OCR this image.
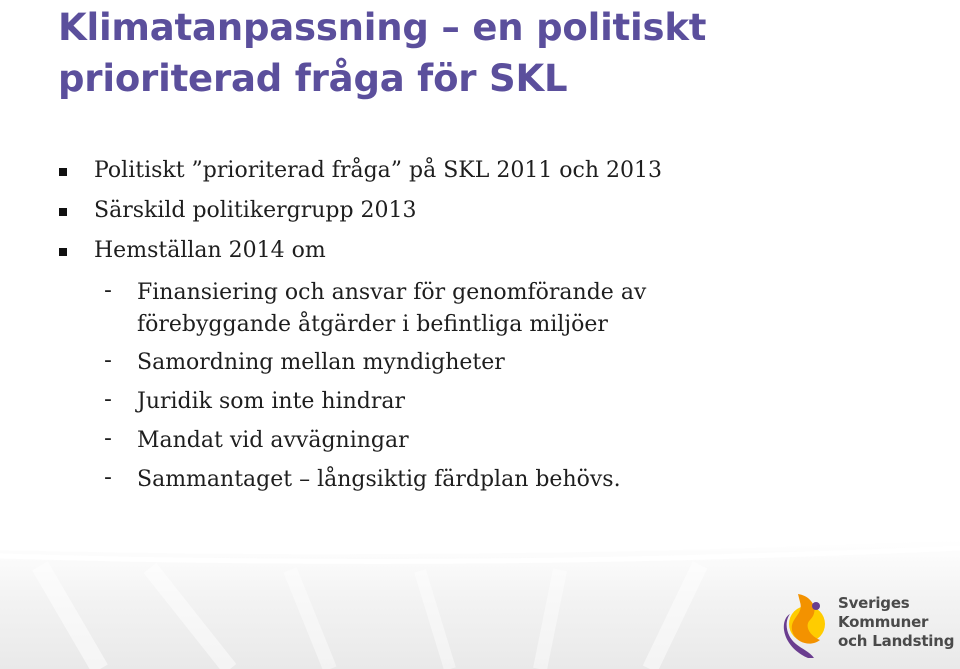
Klimatanpassning – en politiskt
prioriterad fråga för SKL
Politiskt ”prioriterad fråga” på SKL 2011 och 2013
Särskild politikergrupp 2013
Hemställan 2014 om
- Finansiering och ansvar för genomförande av
förebyggande åtgärder i befintliga miljöer
- Samordning mellan myndigheter
- Juridik som inte hindrar
- Mandat vid avvägningar
- Sammantaget – långsiktig färdplan behövs.
Sveriges
Kommuner
och Landsting
